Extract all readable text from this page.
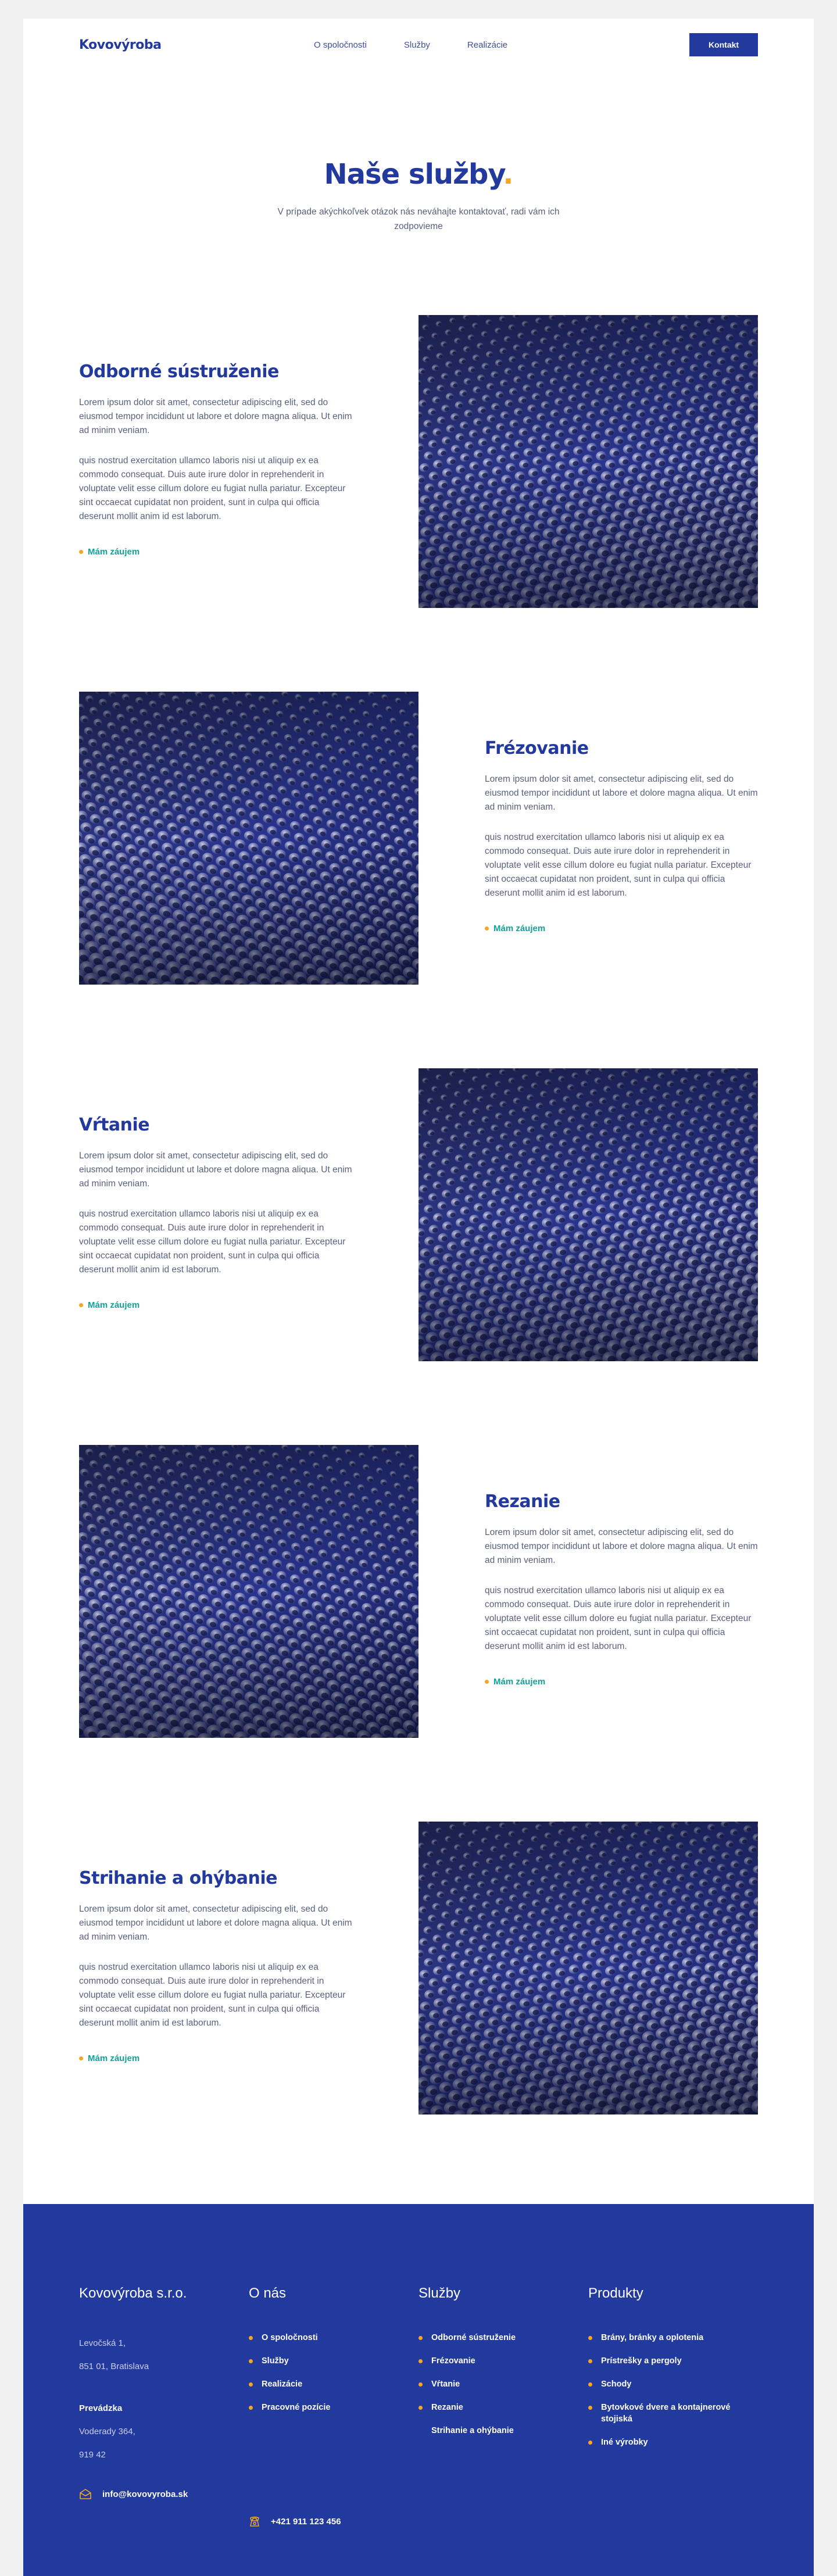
Kovovýroba	O spoločnosti	Služby	Realizácie	Kontakt
Naše služby.

V prípade akýchkoľvek otázok nás neváhajte kontaktovať, radi vám ich zodpovieme

Odborné sústruženie

Lorem ipsum dolor sit amet, consectetur adipiscing elit, sed do eiusmod tempor incididunt ut labore et dolore magna aliqua. Ut enim ad minim veniam.

quis nostrud exercitation ullamco laboris nisi ut aliquip ex ea commodo consequat. Duis aute irure dolor in reprehenderit in voluptate velit esse cillum dolore eu fugiat nulla pariatur. Excepteur sint occaecat cupidatat non proident, sunt in culpa qui officia deserunt mollit anim id est laborum.

Mám záujem
Frézovanie

Lorem ipsum dolor sit amet, consectetur adipiscing elit, sed do eiusmod tempor incididunt ut labore et dolore magna aliqua. Ut enim ad minim veniam.

quis nostrud exercitation ullamco laboris nisi ut aliquip ex ea commodo consequat. Duis aute irure dolor in reprehenderit in voluptate velit esse cillum dolore eu fugiat nulla pariatur. Excepteur sint occaecat cupidatat non proident, sunt in culpa qui officia deserunt mollit anim id est laborum.

Mám záujem
Vŕtanie

Lorem ipsum dolor sit amet, consectetur adipiscing elit, sed do eiusmod tempor incididunt ut labore et dolore magna aliqua. Ut enim ad minim veniam.

quis nostrud exercitation ullamco laboris nisi ut aliquip ex ea commodo consequat. Duis aute irure dolor in reprehenderit in voluptate velit esse cillum dolore eu fugiat nulla pariatur. Excepteur sint occaecat cupidatat non proident, sunt in culpa qui officia deserunt mollit anim id est laborum.

Mám záujem
Rezanie

Lorem ipsum dolor sit amet, consectetur adipiscing elit, sed do eiusmod tempor incididunt ut labore et dolore magna aliqua. Ut enim ad minim veniam.

quis nostrud exercitation ullamco laboris nisi ut aliquip ex ea commodo consequat. Duis aute irure dolor in reprehenderit in voluptate velit esse cillum dolore eu fugiat nulla pariatur. Excepteur sint occaecat cupidatat non proident, sunt in culpa qui officia deserunt mollit anim id est laborum.

Mám záujem
Strihanie a ohýbanie

Lorem ipsum dolor sit amet, consectetur adipiscing elit, sed do eiusmod tempor incididunt ut labore et dolore magna aliqua. Ut enim ad minim veniam.

quis nostrud exercitation ullamco laboris nisi ut aliquip ex ea commodo consequat. Duis aute irure dolor in reprehenderit in voluptate velit esse cillum dolore eu fugiat nulla pariatur. Excepteur sint occaecat cupidatat non proident, sunt in culpa qui officia deserunt mollit anim id est laborum.

Mám záujem
Kovovýroba s.r.o.
Levočská 1,
851 01, Bratislava
Prevádzka
Voderady 364,
919 42
info@kovovyroba.sk
O nás
O spoločnosti
Služby
Realizácie
Pracovné pozície
+421 911 123 456
Služby
Odborné sústruženie
Frézovanie
Vŕtanie
Rezanie
Strihanie a ohýbanie
Produkty
Brány, bránky a oplotenia
Prístrešky a pergoly
Schody
Bytovkové dvere a kontajnerové stojiská
Iné výrobky
